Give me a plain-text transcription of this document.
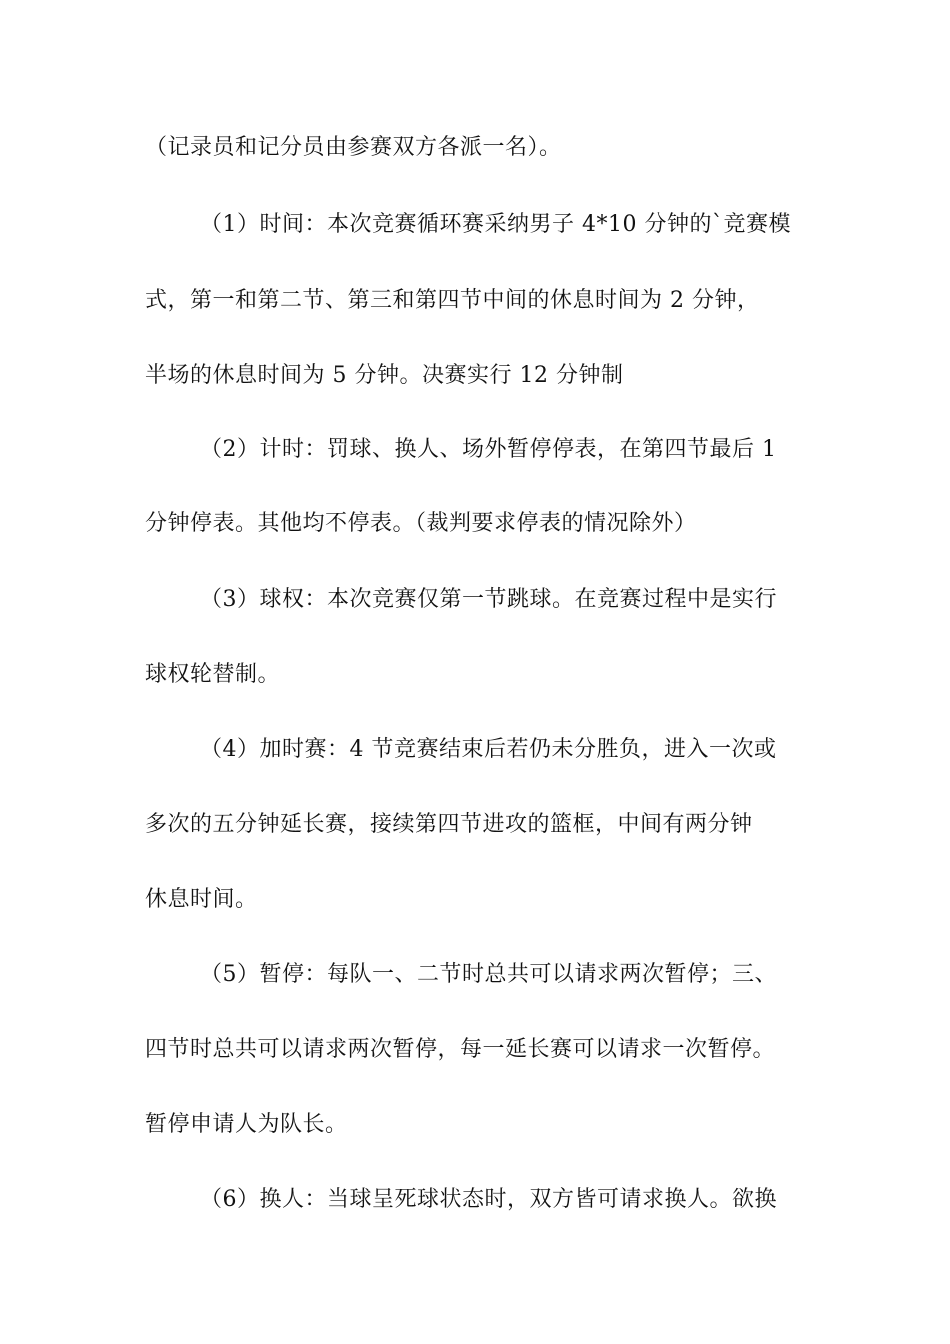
（记录员和记分员由参赛双方各派一名）。
（1）时间：本次竞赛循环赛采纳男子 4*10 分钟的`竞赛模
式，第一和第二节、第三和第四节中间的休息时间为 2 分钟，
半场的休息时间为 5 分钟。决赛实行 12 分钟制
（2）计时：罚球、换人、场外暂停停表，在第四节最后 1
分钟停表。其他均不停表。（裁判要求停表的情况除外）
（3）球权：本次竞赛仅第一节跳球。在竞赛过程中是实行
球权轮替制。
（4）加时赛：4 节竞赛结束后若仍未分胜负，进入一次或
多次的五分钟延长赛，接续第四节进攻的篮框，中间有两分钟
休息时间。
（5）暂停：每队一、二节时总共可以请求两次暂停；三、
四节时总共可以请求两次暂停，每一延长赛可以请求一次暂停。
暂停申请人为队长。
（6）换人：当球呈死球状态时，双方皆可请求换人。欲换
